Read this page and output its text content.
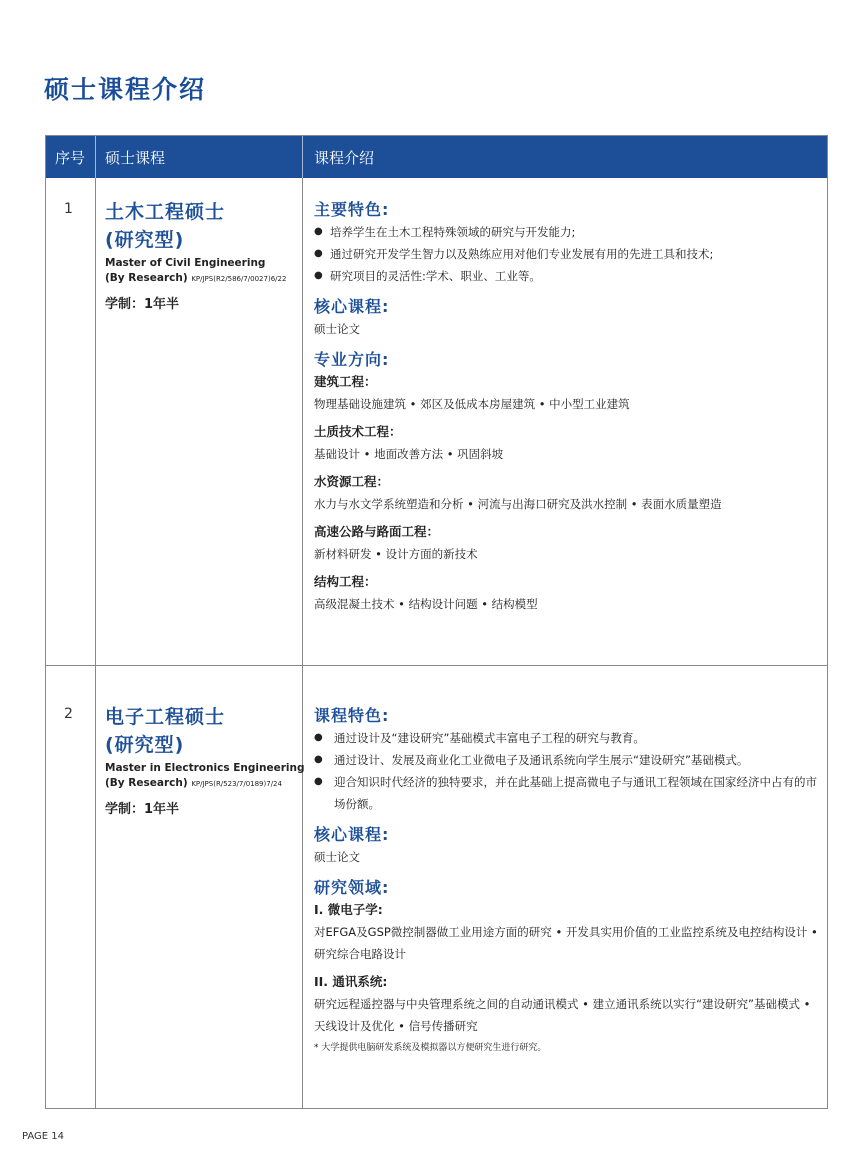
硕士课程介绍
序号 硕士课程	课程介绍
1 土木工程硕士
(研究型)
Master of Civil Engineering
(By Research) KP/JPS(R2/586/7/0027)6/22
学制：1年半
主要特色:
● 培养学生在土木工程特殊领域的研究与开发能力;
● 通过研究开发学生智力以及熟练应用对他们专业发展有用的先进工具和技术;
● 研究项目的灵活性:学术、职业、工业等。
核心课程:
硕士论文
专业方向:
建筑工程：
物理基础设施建筑 • 郊区及低成本房屋建筑 • 中小型工业建筑
土质技术工程：
基础设计 • 地面改善方法 • 巩固斜坡
水资源工程：
水力与水文学系统塑造和分析 • 河流与出海口研究及洪水控制 • 表面水质量塑造
高速公路与路面工程：
新材料研发 • 设计方面的新技术
结构工程：
高级混凝土技术 • 结构设计问题 • 结构模型
2 电子工程硕士
(研究型)
Master in Electronics Engineering
(By Research) KP/JPS(R/523/7/0189)7/24
学制：1年半
课程特色:
● 通过设计及“建设研究”基础模式丰富电子工程的研究与教育。
● 通过设计、发展及商业化工业微电子及通讯系统向学生展示“建设研究”基础模式。
● 迎合知识时代经济的独特要求，并在此基础上提高微电子与通讯工程领域在国家经济中占有的市场份额。
核心课程:
硕士论文
研究领域:
I. 微电子学:
对EFGA及GSP微控制器做工业用途方面的研究 • 开发具实用价值的工业监控系统及电控结构设计 • 研究综合电路设计
II. 通讯系统:
研究远程遥控器与中央管理系统之间的自动通讯模式 • 建立通讯系统以实行“建设研究”基础模式 • 天线设计及优化 • 信号传播研究
* 大学提供电脑研发系统及模拟器以方便研究生进行研究。
PAGE 14
